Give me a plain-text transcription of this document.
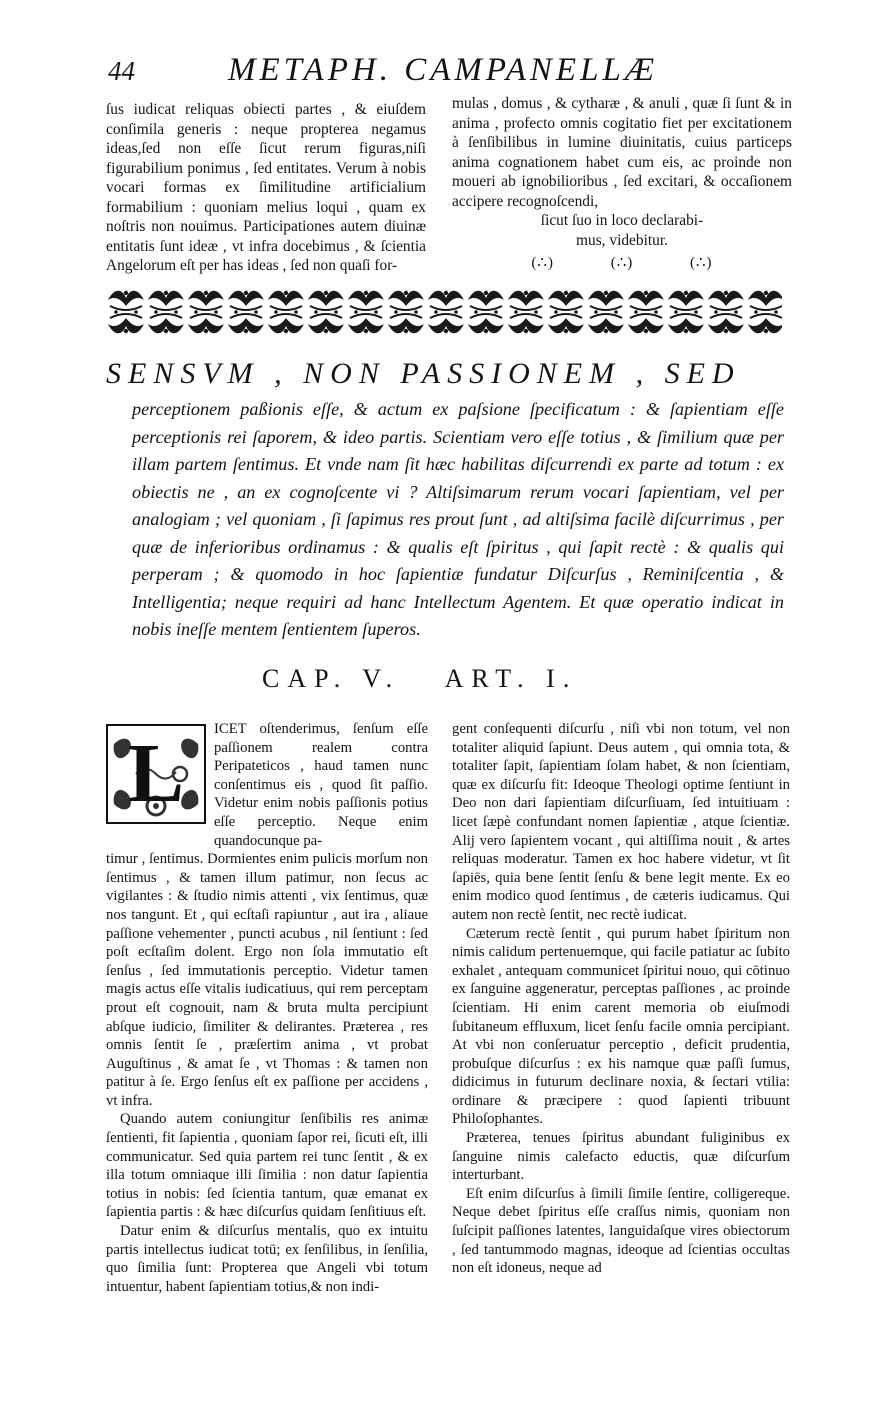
44	METAPH. CAMPANELLÆ

ſus iudicat reliquas obiecti partes , & eiuſdem conſimila generis : neque propterea negamus ideas,ſed non eſſe ſicut rerum figuras,niſi figurabilium ponimus , ſed entitates. Verum à nobis vocari formas ex ſimilitudine artificialium formabilium : quoniam melius loqui , quam ex noſtris non nouimus. Participationes autem diuinæ entitatis ſunt ideæ , vt infra docebimus , & ſcientia Angelorum eſt per has ideas , ſed non quaſi for-

mulas , domus , & cytharæ , & anuli , quæ ſi ſunt & in anima , profecto omnis cogitatio fiet per excitationem à ſenſibilibus in lumine diuinitatis, cuius particeps anima cognationem habet cum eis, ac proinde non moueri ab ignobilioribus , ſed excitari, & occaſionem accipere recognoſcendi,

ſicut ſuo in loco declarabi-

mus, videbitur.

(∴)	(∴)	(∴)
SENSVM , NON PASSIONEM , SED

perceptionem paßionis eſſe, & actum ex paſsione ſpecificatum : & ſapientiam eſſe perceptionis rei ſaporem, & ideo partis. Scientiam vero eſſe totius , & ſimilium quæ per illam partem ſentimus. Et vnde nam ſit hæc habilitas diſcurrendi ex parte ad totum : ex obiectis ne , an ex cognoſcente vi ? Altiſsimarum rerum vocari ſapientiam, vel per analogiam ; vel quoniam , ſi ſapimus res prout ſunt , ad altiſsima facilè diſcurrimus , per quæ de inferioribus ordinamus : & qualis eſt ſpiritus , qui ſapit rectè : & qualis qui perperam ; & quomodo in hoc ſapientiæ fundatur Diſcurſus , Reminiſcentia , & Intelligentia; neque requiri ad hanc Intellectum Agentem. Et quæ operatio indicat in nobis ineſſe mentem ſentientem ſuperos.

CAP. V. ART. I.
L	ICET oſtenderimus, ſenſum eſſe paſſionem realem contra Peripateticos , haud tamen nunc conſentimus eis , quod ſit paſſio. Videtur enim nobis paſſionis potius eſſe perceptio. Neque enim quandocunque pa-

timur , ſentimus. Dormientes enim pulicis morſum non ſentimus , & tamen illum patimur, non ſecus ac vigilantes : & ſtudio nimis attenti , vix ſentimus, quæ nos tangunt. Et , qui ecſtaſi rapiuntur , aut ira , aliaue paſſione vehementer , puncti acubus , nil ſentiunt : ſed poſt ecſtaſim dolent. Ergo non ſola immutatio eſt ſenſus , ſed immutationis perceptio. Videtur tamen magis actus eſſe vitalis iudicatiuus, qui rem perceptam prout eſt cognouit, nam & bruta multa percipiunt abſque iudicio, ſimiliter & delirantes. Præterea , res omnis ſentit ſe , præſertim anima , vt probat Auguſtinus , & amat ſe , vt Thomas : & tamen non patitur à ſe. Ergo ſenſus eſt ex paſſione per accidens , vt infra.

Quando autem coniungitur ſenſibilis res animæ ſentienti, fit ſapientia , quoniam ſapor rei, ſicuti eſt, illi communicatur. Sed quia partem rei tunc ſentit , & ex illa totum omniaque illi ſimilia : non datur ſapientia totius in nobis: ſed ſcientia tantum, quæ emanat ex ſapientia partis : & hæc diſcurſus quidam ſenſitiuus eſt.

Datur enim & diſcurſus mentalis, quo ex intuitu partis intellectus iudicat totū; ex ſenſilibus, in ſenſilia, quo ſimilia ſunt: Propterea que Angeli vbi totum intuentur, habent ſapientiam totius,& non indi-

gent conſequenti diſcurſu , niſi vbi non totum, vel non totaliter aliquid ſapiunt. Deus autem , qui omnia tota, & totaliter ſapit, ſapientiam ſolam habet, & non ſcientiam, quæ ex diſcurſu fit: Ideoque Theologi optime ſentiunt in Deo non dari ſapientiam diſcurſiuam, ſed intuitiuam : licet ſæpè confundant nomen ſapientiæ , atque ſcientiæ. Alij vero ſapientem vocant , qui altiſſima nouit , & artes reliquas moderatur. Tamen ex hoc habere videtur, vt ſit ſapiēs, quia bene ſentit ſenſu & bene legit mente. Ex eo enim modico quod ſentimus , de cæteris iudicamus. Qui autem non rectè ſentit, nec rectè iudicat.

Cæterum rectè ſentit , qui purum habet ſpiritum non nimis calidum pertenuemque, qui facile patiatur ac ſubito exhalet , antequam communicet ſpiritui nouo, qui cōtinuo ex ſanguine aggeneratur, perceptas paſſiones , ac proinde ſcientiam. Hi enim carent memoria ob eiuſmodi ſubitaneum effluxum, licet ſenſu facile omnia percipiant. At vbi non conſeruatur perceptio , deficit prudentia, probuſque diſcurſus : ex his namque quæ paſſi ſumus, didicimus in futurum declinare noxia, & ſectari vtilia: ordinare & præcipere : quod ſapienti tribuunt Philoſophantes.

Præterea, tenues ſpiritus abundant fuliginibus ex ſanguine nimis calefacto eductis, quæ diſcurſum interturbant.

Eſt enim diſcurſus à ſimili ſimile ſentire, colligereque. Neque debet ſpiritus eſſe craſſus nimis, quoniam non ſuſcipit paſſiones latentes, languidaſque vires obiectorum , ſed tantummodo magnas, ideoque ad ſcientias occultas non eſt idoneus, neque ad
